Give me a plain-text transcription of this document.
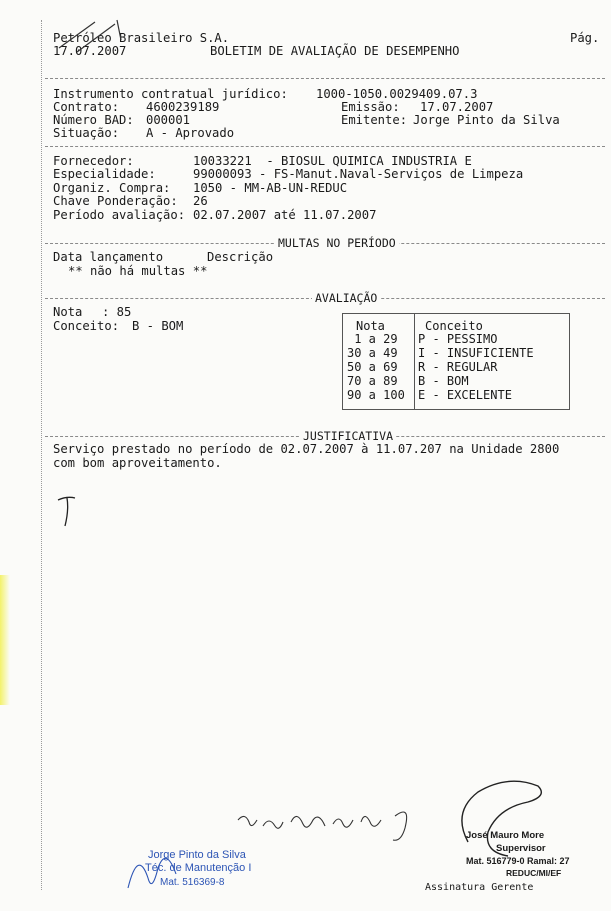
Petróleo Brasileiro S.A.	Pág.
17.07.2007	BOLETIM DE AVALIAÇÃO DE DESEMPENHO
Instrumento contratual jurídico: 1000-1050.0029409.07.3
Contrato: 4600239189	Emissão: 17.07.2007
Número BAD: 000001	Emitente: Jorge Pinto da Silva
Situação: A - Aprovado
Fornecedor:	10033221  - BIOSUL QUIMICA INDUSTRIA E
Especialidade:	99000093 - FS-Manut.Naval-Serviços de Limpeza
Organiz. Compra: 1050 - MM-AB-UN-REDUC
Chave Ponderação: 26
Período avaliação: 02.07.2007 até 11.07.2007
MULTAS NO PERÍODO
Data lançamento	Descrição
** não há multas **
AVALIAÇÃO
Nota : 85
Conceito: B - BOM	Nota	Conceito
1 a 29 P - PESSIMO
30 a 49 I - INSUFICIENTE
50 a 69 R - REGULAR
70 a 89 B - BOM
90 a 100 E - EXCELENTE
JUSTIFICATIVA
Serviço prestado no período de 02.07.2007 à 11.07.207 na Unidade 2800
com bom aproveitamento.
Jorge Pinto da Silva
Téc. de Manutenção I
Mat. 516369-8
José Mauro More
Supervisor
Mat. 516779-0 Ramal: 27
REDUC/MI/EF
Assinatura Gerente
